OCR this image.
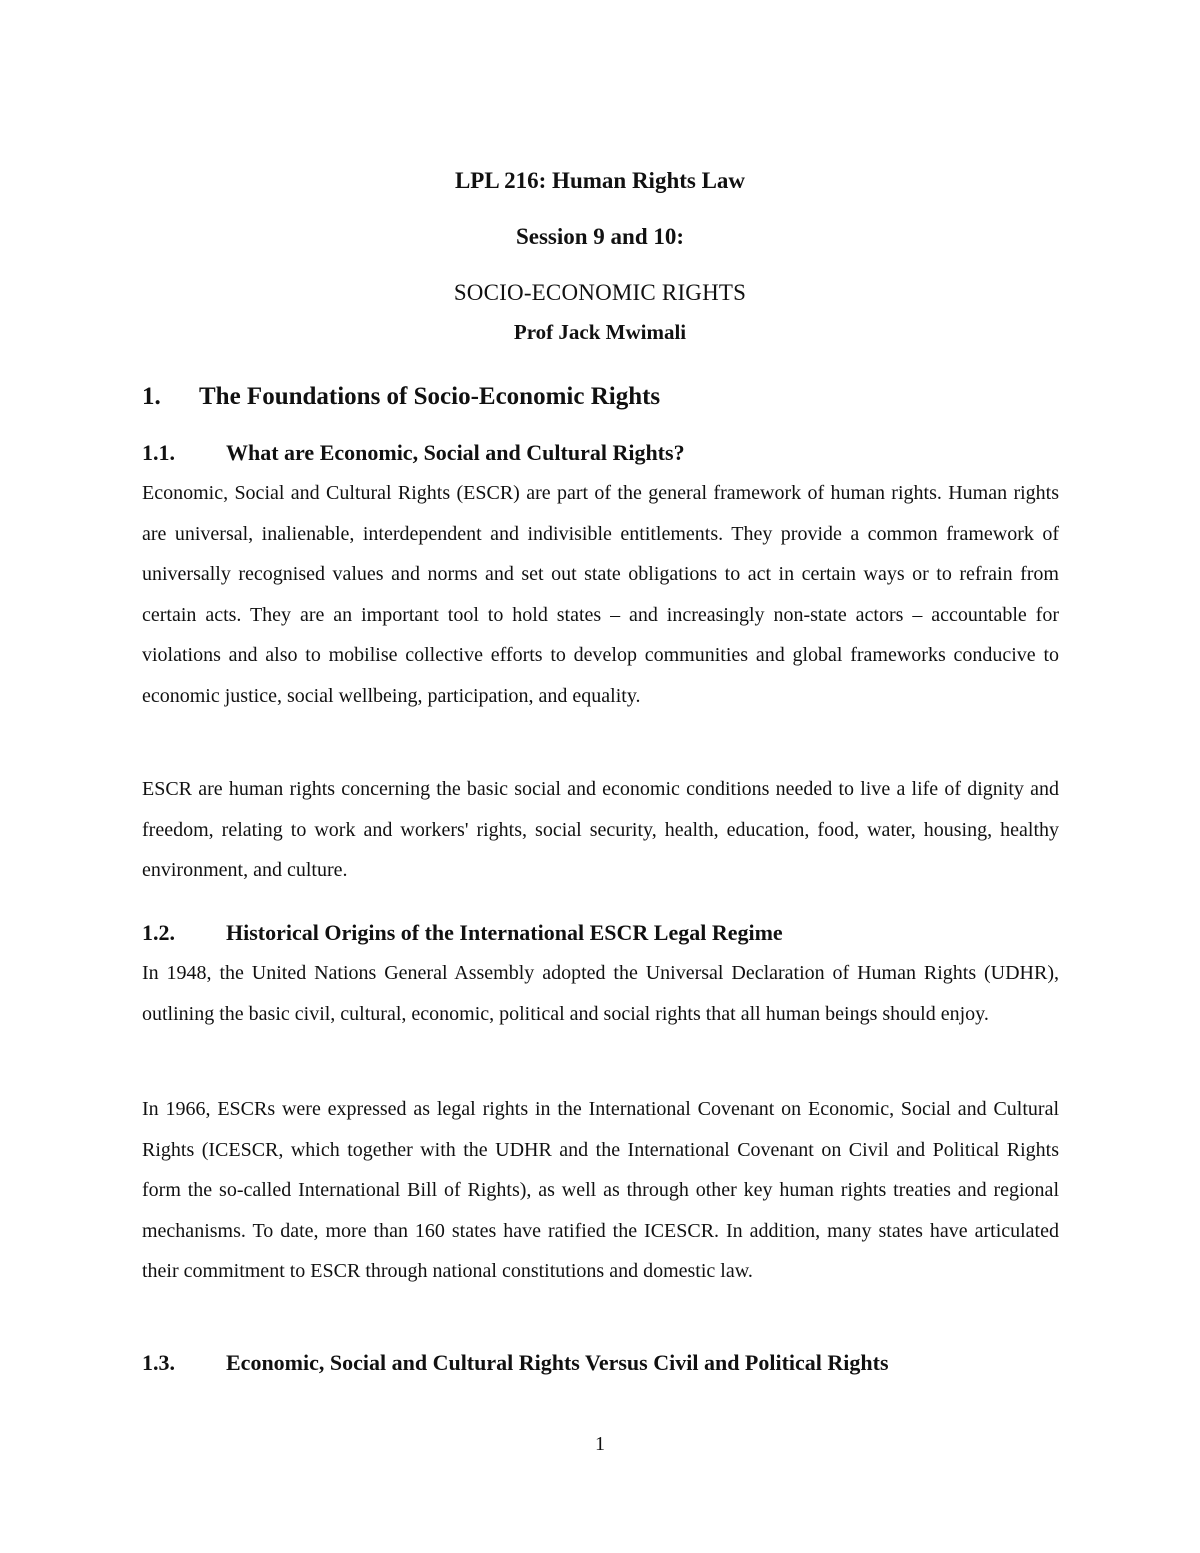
LPL 216: Human Rights Law
Session 9 and 10:
SOCIO-ECONOMIC RIGHTS
Prof Jack Mwimali
1. The Foundations of Socio-Economic Rights
1.1. What are Economic, Social and Cultural Rights?

Economic, Social and Cultural Rights (ESCR) are part of the general framework of human rights. Human rights are universal, inalienable, interdependent and indivisible entitlements. They provide a common framework of universally recognised values and norms and set out state obligations to act in certain ways or to refrain from certain acts. They are an important tool to hold states – and increasingly non-state actors – accountable for violations and also to mobilise collective efforts to develop communities and global frameworks conducive to economic justice, social wellbeing, participation, and equality.

ESCR are human rights concerning the basic social and economic conditions needed to live a life of dignity and freedom, relating to work and workers' rights, social security, health, education, food, water, housing, healthy environment, and culture.

1.2. Historical Origins of the International ESCR Legal Regime

In 1948, the United Nations General Assembly adopted the Universal Declaration of Human Rights (UDHR), outlining the basic civil, cultural, economic, political and social rights that all human beings should enjoy.

In 1966, ESCRs were expressed as legal rights in the International Covenant on Economic, Social and Cultural Rights (ICESCR, which together with the UDHR and the International Covenant on Civil and Political Rights form the so-called International Bill of Rights), as well as through other key human rights treaties and regional mechanisms. To date, more than 160 states have ratified the ICESCR. In addition, many states have articulated their commitment to ESCR through national constitutions and domestic law.

1.3. Economic, Social and Cultural Rights Versus Civil and Political Rights
1
